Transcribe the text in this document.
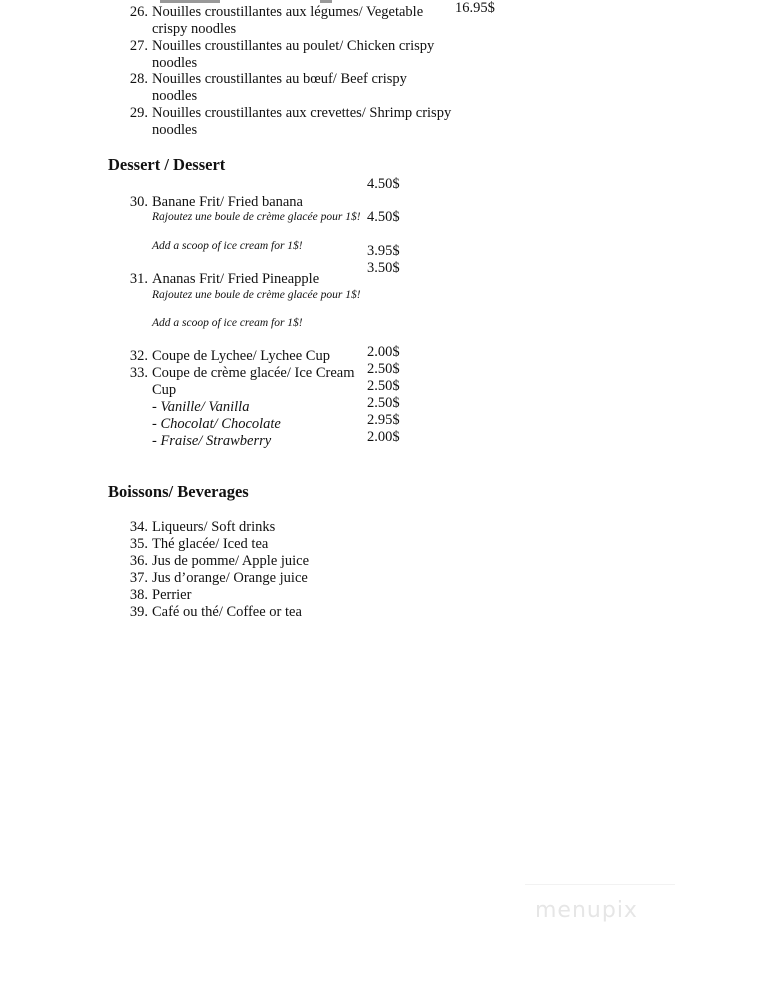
26. Nouilles croustillantes aux légumes/ Vegetable
crispy noodles
27. Nouilles croustillantes au poulet/ Chicken crispy
noodles
28. Nouilles croustillantes au bœuf/ Beef crispy
noodles
29. Nouilles croustillantes aux crevettes/ Shrimp crispy
noodles
16.95$
Dessert / Dessert
30. Banane Frit/ Fried banana
Rajoutez une boule de crème glacée pour 1$!
Add a scoop of ice cream for 1$!
31. Ananas Frit/ Fried Pineapple
Rajoutez une boule de crème glacée pour 1$!
Add a scoop of ice cream for 1$!
32. Coupe de Lychee/ Lychee Cup
33. Coupe de crème glacée/ Ice Cream
Cup
- Vanille/ Vanilla
- Chocolat/ Chocolate
- Fraise/ Strawberry
4.50$
4.50$
3.95$
3.50$
2.00$
2.50$
2.50$
2.50$
2.95$
2.00$
Boissons/ Beverages
34. Liqueurs/ Soft drinks
35. Thé glacée/ Iced tea
36. Jus de pomme/ Apple juice
37. Jus d’orange/ Orange juice
38. Perrier
39. Café ou thé/ Coffee or tea
menupix
